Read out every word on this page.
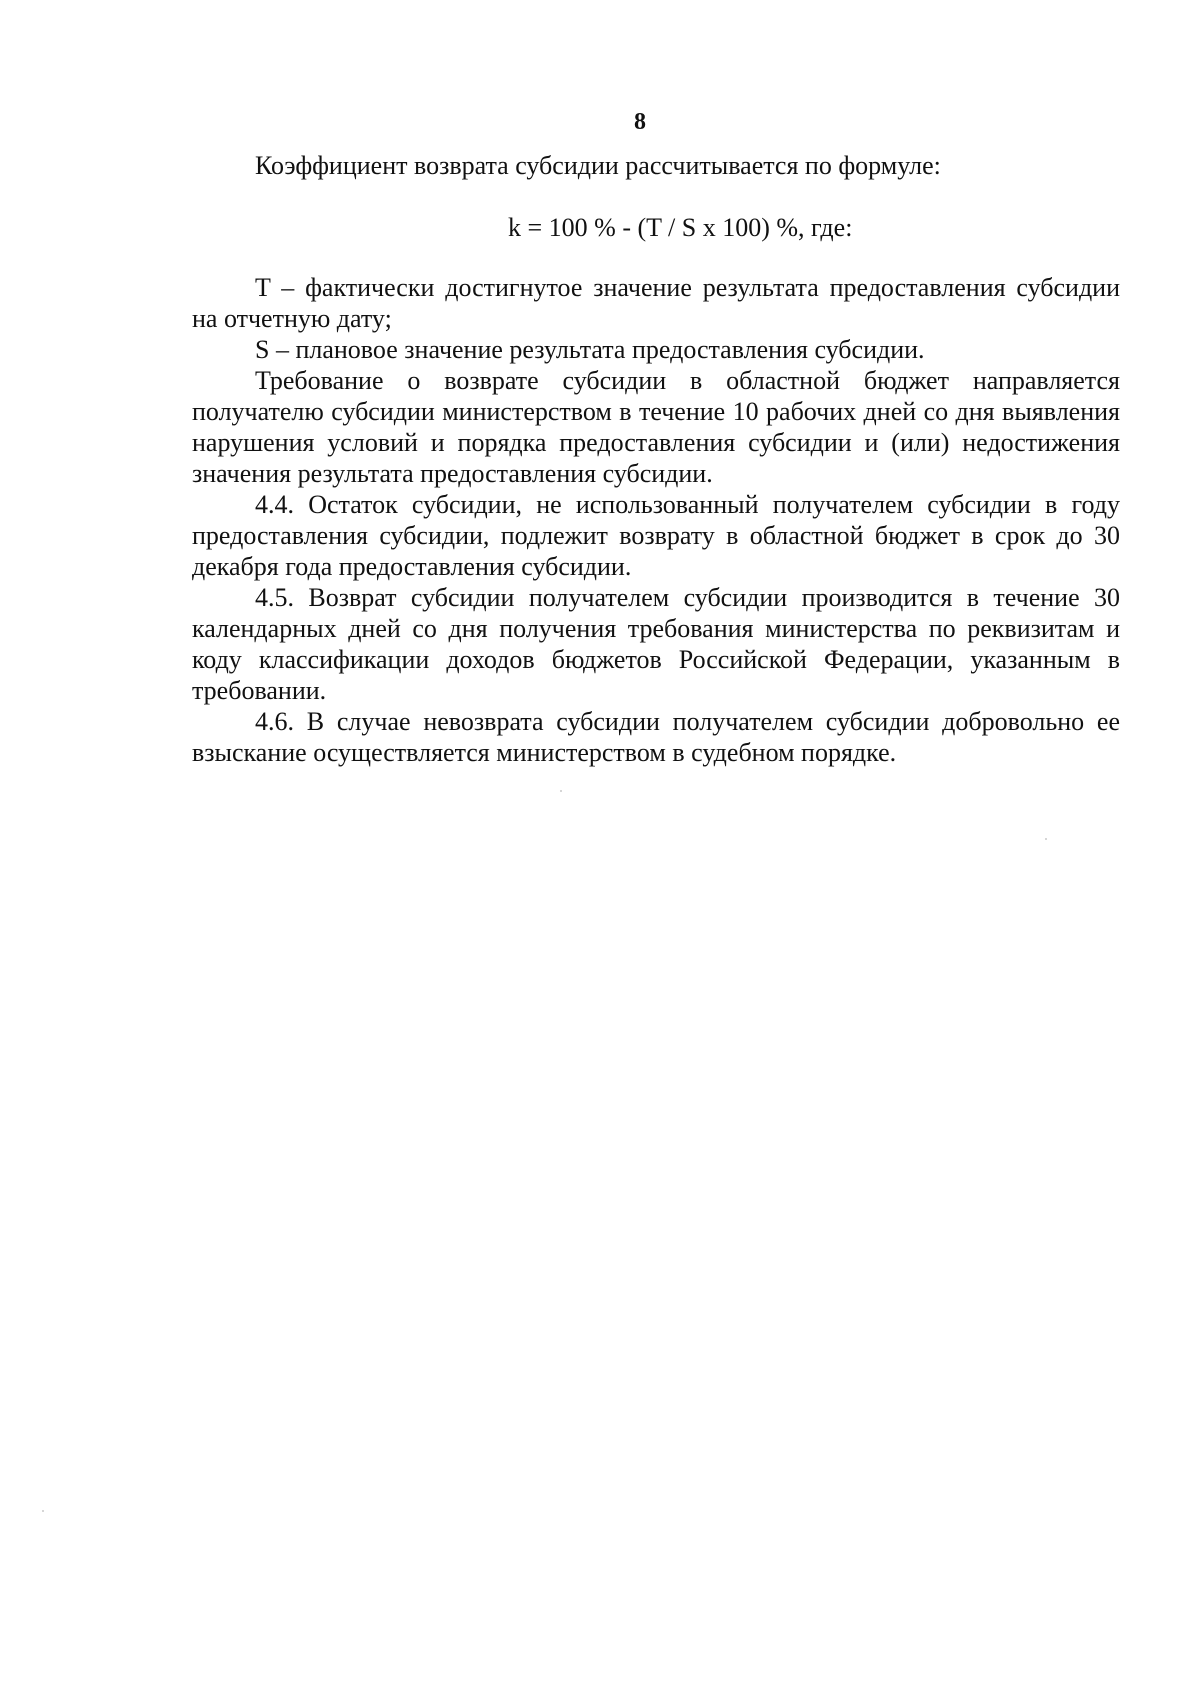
8
Коэффициент возврата субсидии рассчитывается по формуле:
k = 100 % - (T / S x 100) %, где:

T – фактически достигнутое значение результата предоставления субсидии на отчетную дату;

S – плановое значение результата предоставления субсидии.

Требование о возврате субсидии в областной бюджет направляется получателю субсидии министерством в течение 10 рабочих дней со дня выявления нарушения условий и порядка предоставления субсидии и (или) недостижения значения результата предоставления субсидии.

4.4. Остаток субсидии, не использованный получателем субсидии в году предоставления субсидии, подлежит возврату в областной бюджет в срок до 30 декабря года предоставления субсидии.

4.5. Возврат субсидии получателем субсидии производится в течение 30 календарных дней со дня получения требования министерства по реквизитам и коду классификации доходов бюджетов Российской Федерации, указанным в требовании.

4.6. В случае невозврата субсидии получателем субсидии добровольно ее взыскание осуществляется министерством в судебном порядке.
